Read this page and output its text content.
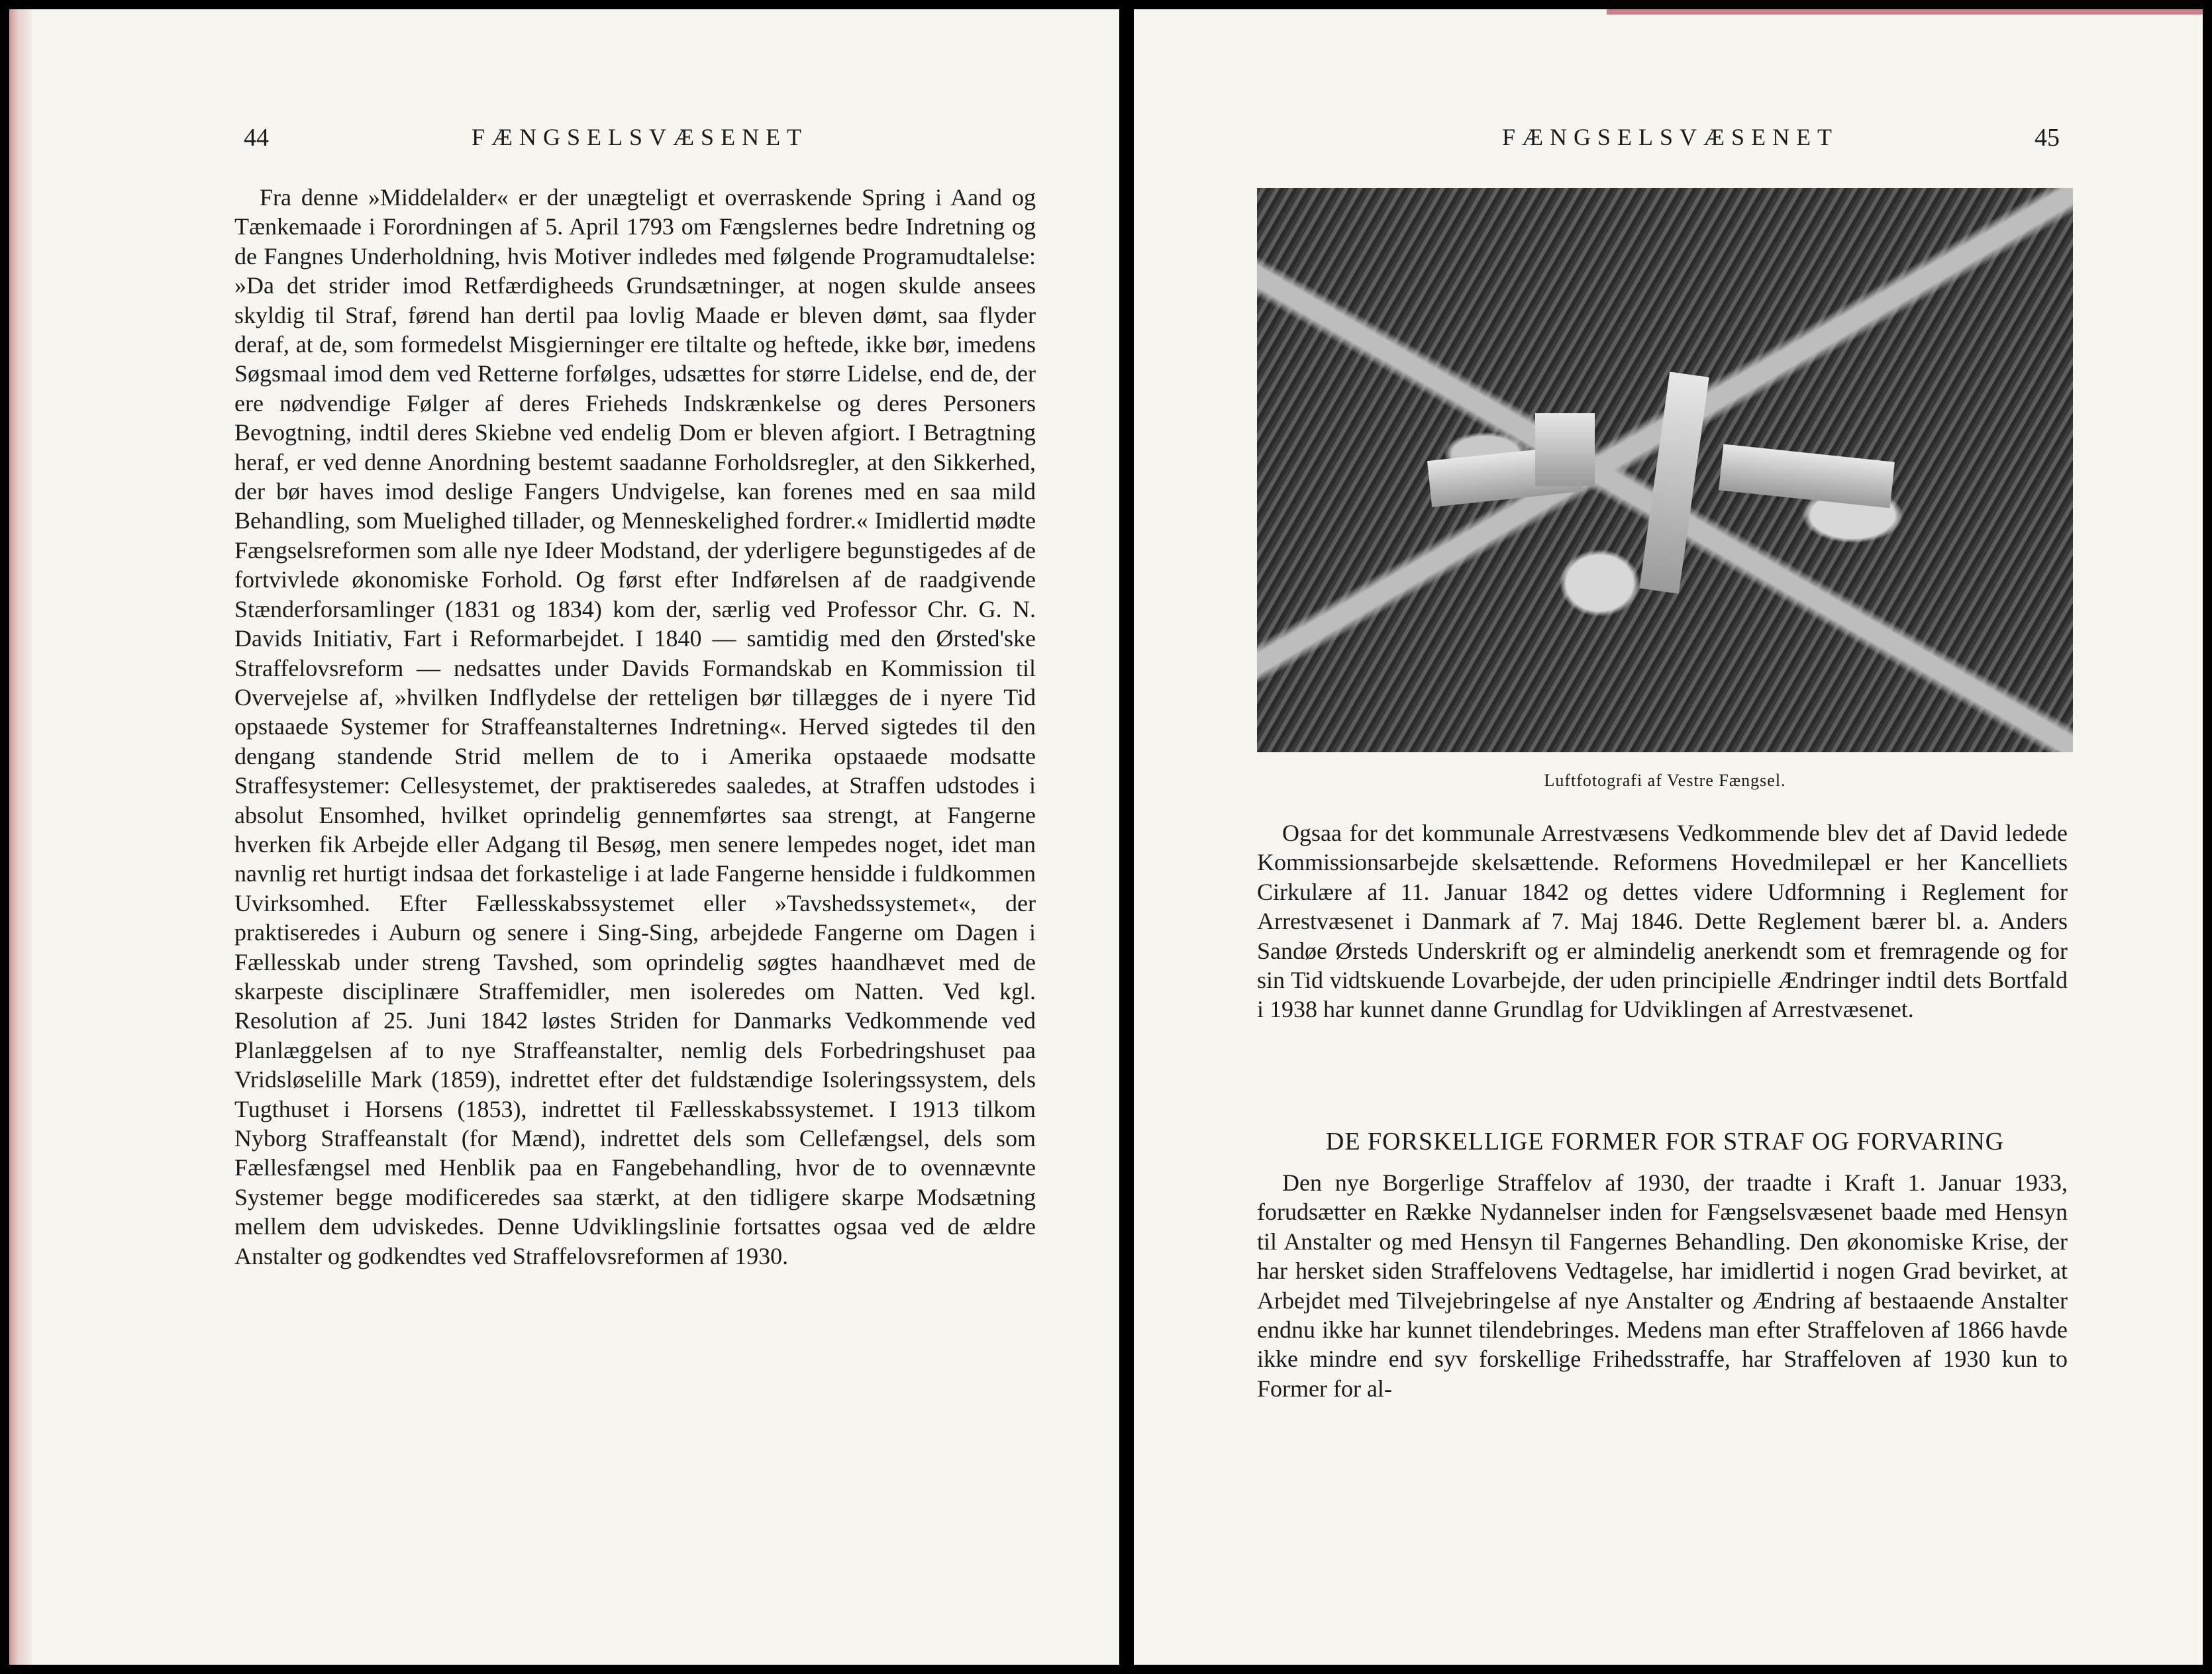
44	FÆNGSELSVÆSENET

Fra denne »Middelalder« er der unægteligt et overraskende Spring i Aand og Tænkemaade i Forordningen af 5. April 1793 om Fængslernes bedre Indretning og de Fangnes Underholdning, hvis Motiver indledes med følgende Programudtalelse: »Da det strider imod Retfærdigheeds Grundsætninger, at nogen skulde ansees skyldig til Straf, førend han dertil paa lovlig Maade er bleven dømt, saa flyder deraf, at de, som formedelst Misgierninger ere tiltalte og heftede, ikke bør, imedens Søgsmaal imod dem ved Retterne forfølges, udsættes for større Lidelse, end de, der ere nødvendige Følger af deres Frieheds Indskrænkelse og deres Personers Bevogtning, indtil deres Skiebne ved endelig Dom er bleven afgiort. I Betragtning heraf, er ved denne Anordning bestemt saadanne Forholdsregler, at den Sikkerhed, der bør haves imod deslige Fangers Undvigelse, kan forenes med en saa mild Behandling, som Muelighed tillader, og Menneskelighed fordrer.« Imidlertid mødte Fængselsreformen som alle nye Ideer Modstand, der yderligere begunstigedes af de fortvivlede økonomiske Forhold. Og først efter Indførelsen af de raadgivende Stænderforsamlinger (1831 og 1834) kom der, særlig ved Professor Chr. G. N. Davids Initiativ, Fart i Reformarbejdet. I 1840 — samtidig med den Ørsted'ske Straffelovsreform — nedsattes under Davids Formandskab en Kommission til Overvejelse af, »hvilken Indflydelse der retteligen bør tillægges de i nyere Tid opstaaede Systemer for Straffeanstalternes Indretning«. Herved sigtedes til den dengang standende Strid mellem de to i Amerika opstaaede modsatte Straffesystemer: Cellesystemet, der praktiseredes saaledes, at Straffen udstodes i absolut Ensomhed, hvilket oprindelig gennemførtes saa strengt, at Fangerne hverken fik Arbejde eller Adgang til Besøg, men senere lempedes noget, idet man navnlig ret hurtigt indsaa det forkastelige i at lade Fangerne hensidde i fuldkommen Uvirksomhed. Efter Fællesskabssystemet eller »Tavshedssystemet«, der praktiseredes i Auburn og senere i Sing-Sing, arbejdede Fangerne om Dagen i Fællesskab under streng Tavshed, som oprindelig søgtes haandhævet med de skarpeste disciplinære Straffemidler, men isoleredes om Natten. Ved kgl. Resolution af 25. Juni 1842 løstes Striden for Danmarks Vedkommende ved Planlæggelsen af to nye Straffeanstalter, nemlig dels Forbedringshuset paa Vridsløselille Mark (1859), indrettet efter det fuldstændige Isoleringssystem, dels Tugthuset i Horsens (1853), indrettet til Fællesskabssystemet. I 1913 tilkom Nyborg Straffeanstalt (for Mænd), indrettet dels som Cellefængsel, dels som Fællesfængsel med Henblik paa en Fangebehandling, hvor de to ovennævnte Systemer begge modificeredes saa stærkt, at den tidligere skarpe Modsætning mellem dem udviskedes. Denne Udviklingslinie fortsattes ogsaa ved de ældre Anstalter og godkendtes ved Straffelovsreformen af 1930.

FÆNGSELSVÆSENET	45
Luftfotografi af Vestre Fængsel.

Ogsaa for det kommunale Arrestvæsens Vedkommende blev det af David ledede Kommissionsarbejde skelsættende. Reformens Hovedmilepæl er her Kancelliets Cirkulære af 11. Januar 1842 og dettes videre Udformning i Reglement for Arrestvæsenet i Danmark af 7. Maj 1846. Dette Reglement bærer bl. a. Anders Sandøe Ørsteds Underskrift og er almindelig anerkendt som et fremragende og for sin Tid vidtskuende Lovarbejde, der uden principielle Ændringer indtil dets Bortfald i 1938 har kunnet danne Grundlag for Udviklingen af Arrestvæsenet.

DE FORSKELLIGE FORMER FOR STRAF OG FORVARING

Den nye Borgerlige Straffelov af 1930, der traadte i Kraft 1. Januar 1933, forudsætter en Række Nydannelser inden for Fængselsvæsenet baade med Hensyn til Anstalter og med Hensyn til Fangernes Behandling. Den økonomiske Krise, der har hersket siden Straffelovens Vedtagelse, har imidlertid i nogen Grad bevirket, at Arbejdet med Tilvejebringelse af nye Anstalter og Ændring af bestaaende Anstalter endnu ikke har kunnet tilendebringes. Medens man efter Straffeloven af 1866 havde ikke mindre end syv forskellige Frihedsstraffe, har Straffeloven af 1930 kun to Former for al-
